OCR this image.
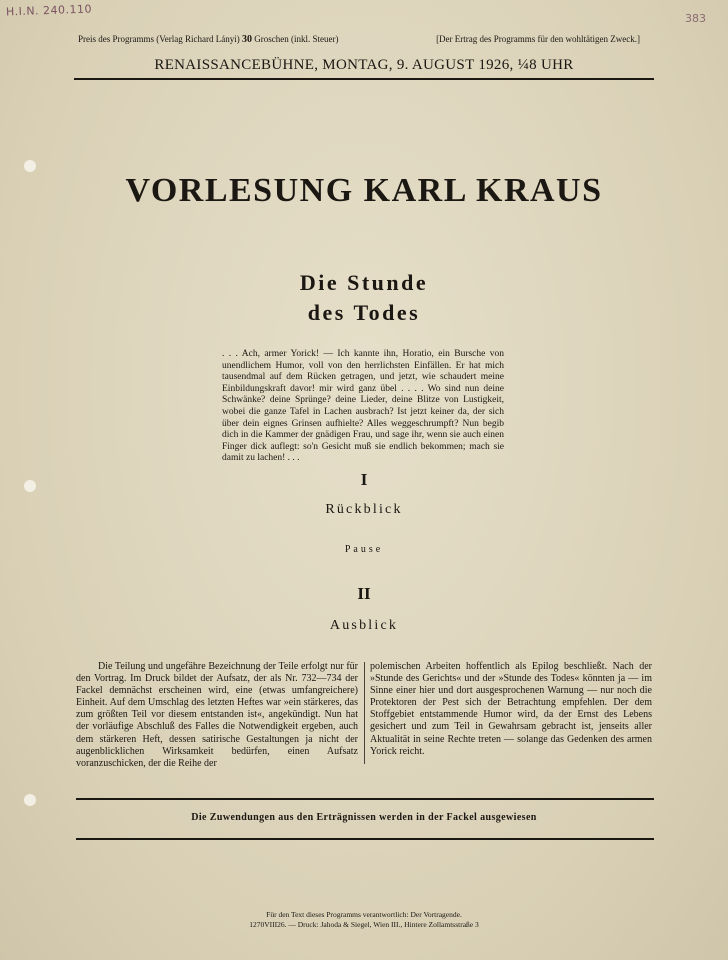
H.I.N. 240.110
383
Preis des Programms (Verlag Richard Lányi) 30 Groschen (inkl. Steuer)	[Der Ertrag des Programms für den wohltätigen Zweck.]
RENAISSANCEBÜHNE, MONTAG, 9. AUGUST 1926, ¼8 UHR
VORLESUNG KARL KRAUS
Die Stunde
des Todes
. . . Ach, armer Yorick! — Ich kannte ihn, Horatio, ein Bursche von unendlichem Humor, voll von den herrlichsten Einfällen. Er hat mich tausendmal auf dem Rücken getragen, und jetzt, wie schaudert meine Einbildungskraft davor! mir wird ganz übel . . . . Wo sind nun deine Schwänke? deine Sprünge? deine Lieder, deine Blitze von Lustigkeit, wobei die ganze Tafel in Lachen ausbrach? Ist jetzt keiner da, der sich über dein eignes Grinsen aufhielte? Alles weggeschrumpft? Nun begib dich in die Kammer der gnädigen Frau, und sage ihr, wenn sie auch einen Finger dick auflegt: so'n Gesicht muß sie endlich bekommen; mach sie damit zu lachen! . . .
I
Rückblick
Pause
II
Ausblick
Die Teilung und ungefähre Bezeichnung der Teile erfolgt nur für den Vortrag. Im Druck bildet der Aufsatz, der als Nr. 732—734 der Fackel demnächst erscheinen wird, eine (etwas umfangreichere) Einheit. Auf dem Umschlag des letzten Heftes war »ein stärkeres, das zum größten Teil vor diesem entstanden ist«, angekündigt. Nun hat der vorläufige Abschluß des Falles die Notwendigkeit ergeben, auch dem stärkeren Heft, dessen satirische Gestaltungen ja nicht der augenblicklichen Wirksamkeit bedürfen, einen Aufsatz voranzuschicken, der die Reihe der
polemischen Arbeiten hoffentlich als Epilog beschließt. Nach der »Stunde des Gerichts« und der »Stunde des Todes« könnten ja — im Sinne einer hier und dort ausgesprochenen Warnung — nur noch die Protektoren der Pest sich der Betrachtung empfehlen. Der dem Stoffgebiet entstammende Humor wird, da der Ernst des Lebens gesichert und zum Teil in Gewahrsam gebracht ist, jenseits aller Aktualität in seine Rechte treten — solange das Gedenken des armen Yorick reicht.
Die Zuwendungen aus den Erträgnissen werden in der Fackel ausgewiesen
Für den Text dieses Programms verantwortlich: Der Vortragende.
1270VIII26. — Druck: Jahoda & Siegel, Wien III., Hintere Zollamtsstraße 3
